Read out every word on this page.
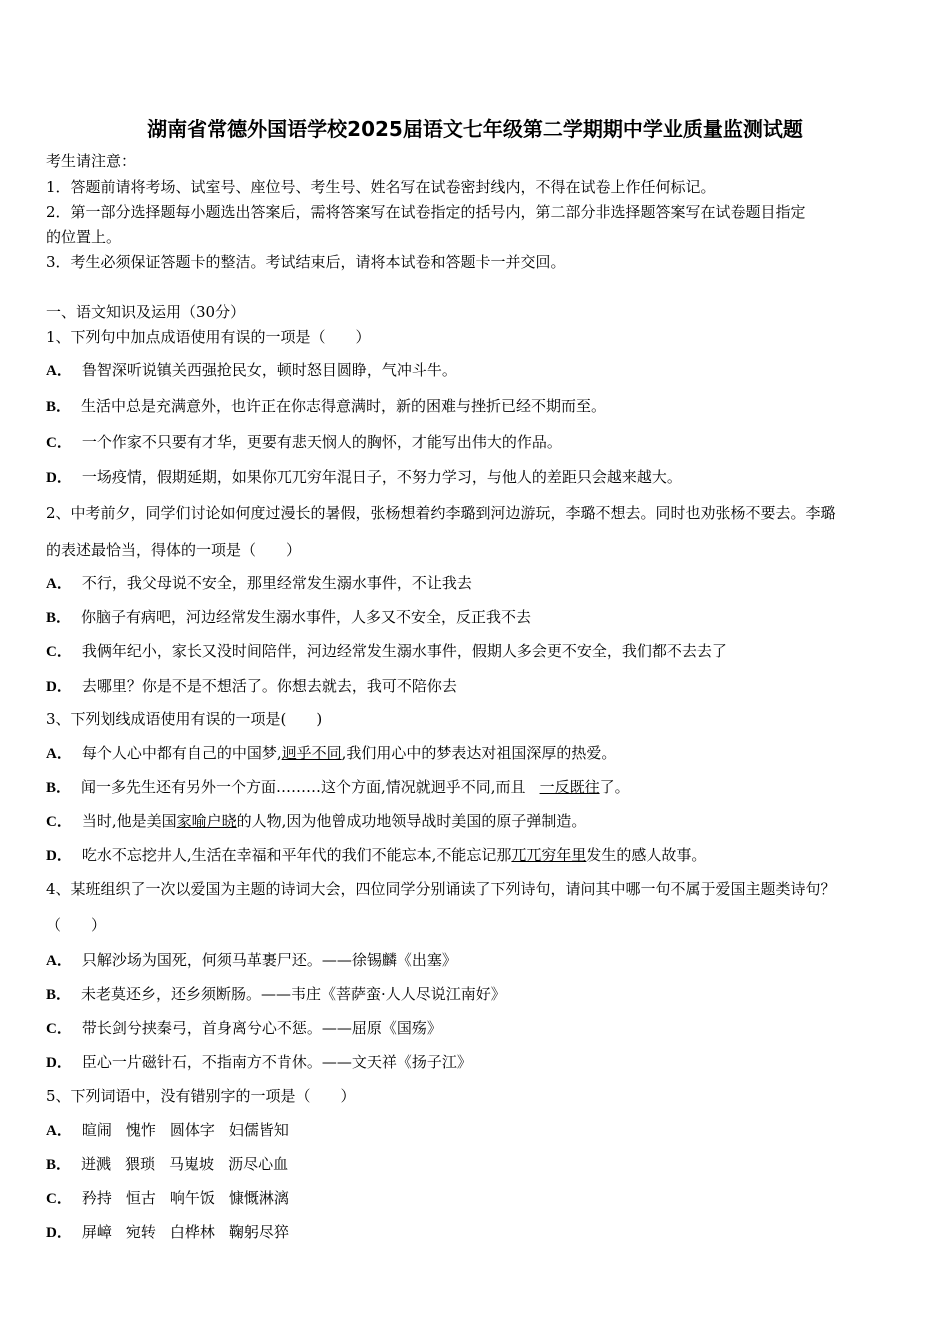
湖南省常德外国语学校2025届语文七年级第二学期期中学业质量监测试题
考生请注意：
1．答题前请将考场、试室号、座位号、考生号、姓名写在试卷密封线内，不得在试卷上作任何标记。
2．第一部分选择题每小题选出答案后，需将答案写在试卷指定的括号内，第二部分非选择题答案写在试卷题目指定
的位置上。
3．考生必须保证答题卡的整洁。考试结束后，请将本试卷和答题卡一并交回。
一、语文知识及运用（30分）
1、下列句中加点成语使用有误的一项是（　　）
A． 鲁智深听说镇关西强抢民女，顿时怒目圆睁，气冲斗牛。
B． 生活中总是充满意外，也许正在你志得意满时，新的困难与挫折已经不期而至。
C． 一个作家不只要有才华，更要有悲天悯人的胸怀，才能写出伟大的作品。
D． 一场疫情，假期延期，如果你兀兀穷年混日子，不努力学习，与他人的差距只会越来越大。
2、中考前夕，同学们讨论如何度过漫长的暑假，张杨想着约李璐到河边游玩，李璐不想去。同时也劝张杨不要去。李璐
的表述最恰当，得体的一项是（　　）
A． 不行，我父母说不安全，那里经常发生溺水事件，不让我去
B． 你脑子有病吧，河边经常发生溺水事件，人多又不安全，反正我不去
C． 我俩年纪小，家长又没时间陪伴，河边经常发生溺水事件，假期人多会更不安全，我们都不去去了
D． 去哪里？你是不是不想活了。你想去就去，我可不陪你去
3、下列划线成语使用有误的一项是(　　)
A． 每个人心中都有自己的中国梦,迥乎不同,我们用心中的梦表达对祖国深厚的热爱。
B． 闻一多先生还有另外一个方面………这个方面,情况就迥乎不同,而且 一反既往了。
C． 当时,他是美国家喻户晓的人物,因为他曾成功地领导战时美国的原子弹制造。
D． 吃水不忘挖井人,生活在幸福和平年代的我们不能忘本,不能忘记那兀兀穷年里发生的感人故事。
4、某班组织了一次以爱国为主题的诗词大会，四位同学分别诵读了下列诗句，请问其中哪一句不属于爱国主题类诗句？
（　　）
A． 只解沙场为国死，何须马革裹尸还。——徐锡麟《出塞》
B． 未老莫还乡，还乡须断肠。——韦庄《菩萨蛮·人人尽说江南好》
C． 带长剑兮挟秦弓，首身离兮心不惩。——屈原《国殇》
D． 臣心一片磁针石，不指南方不肯休。——文天祥《扬子江》
5、下列词语中，没有错别字的一项是（　　）
A． 暄闹 愧怍 圆体字 妇儒皆知
B． 迸溅 猥琐 马嵬坡 沥尽心血
C． 矜持 恒古 响午饭 慷慨淋漓
D． 屏嶂 宛转 白桦林 鞠躬尽猝
